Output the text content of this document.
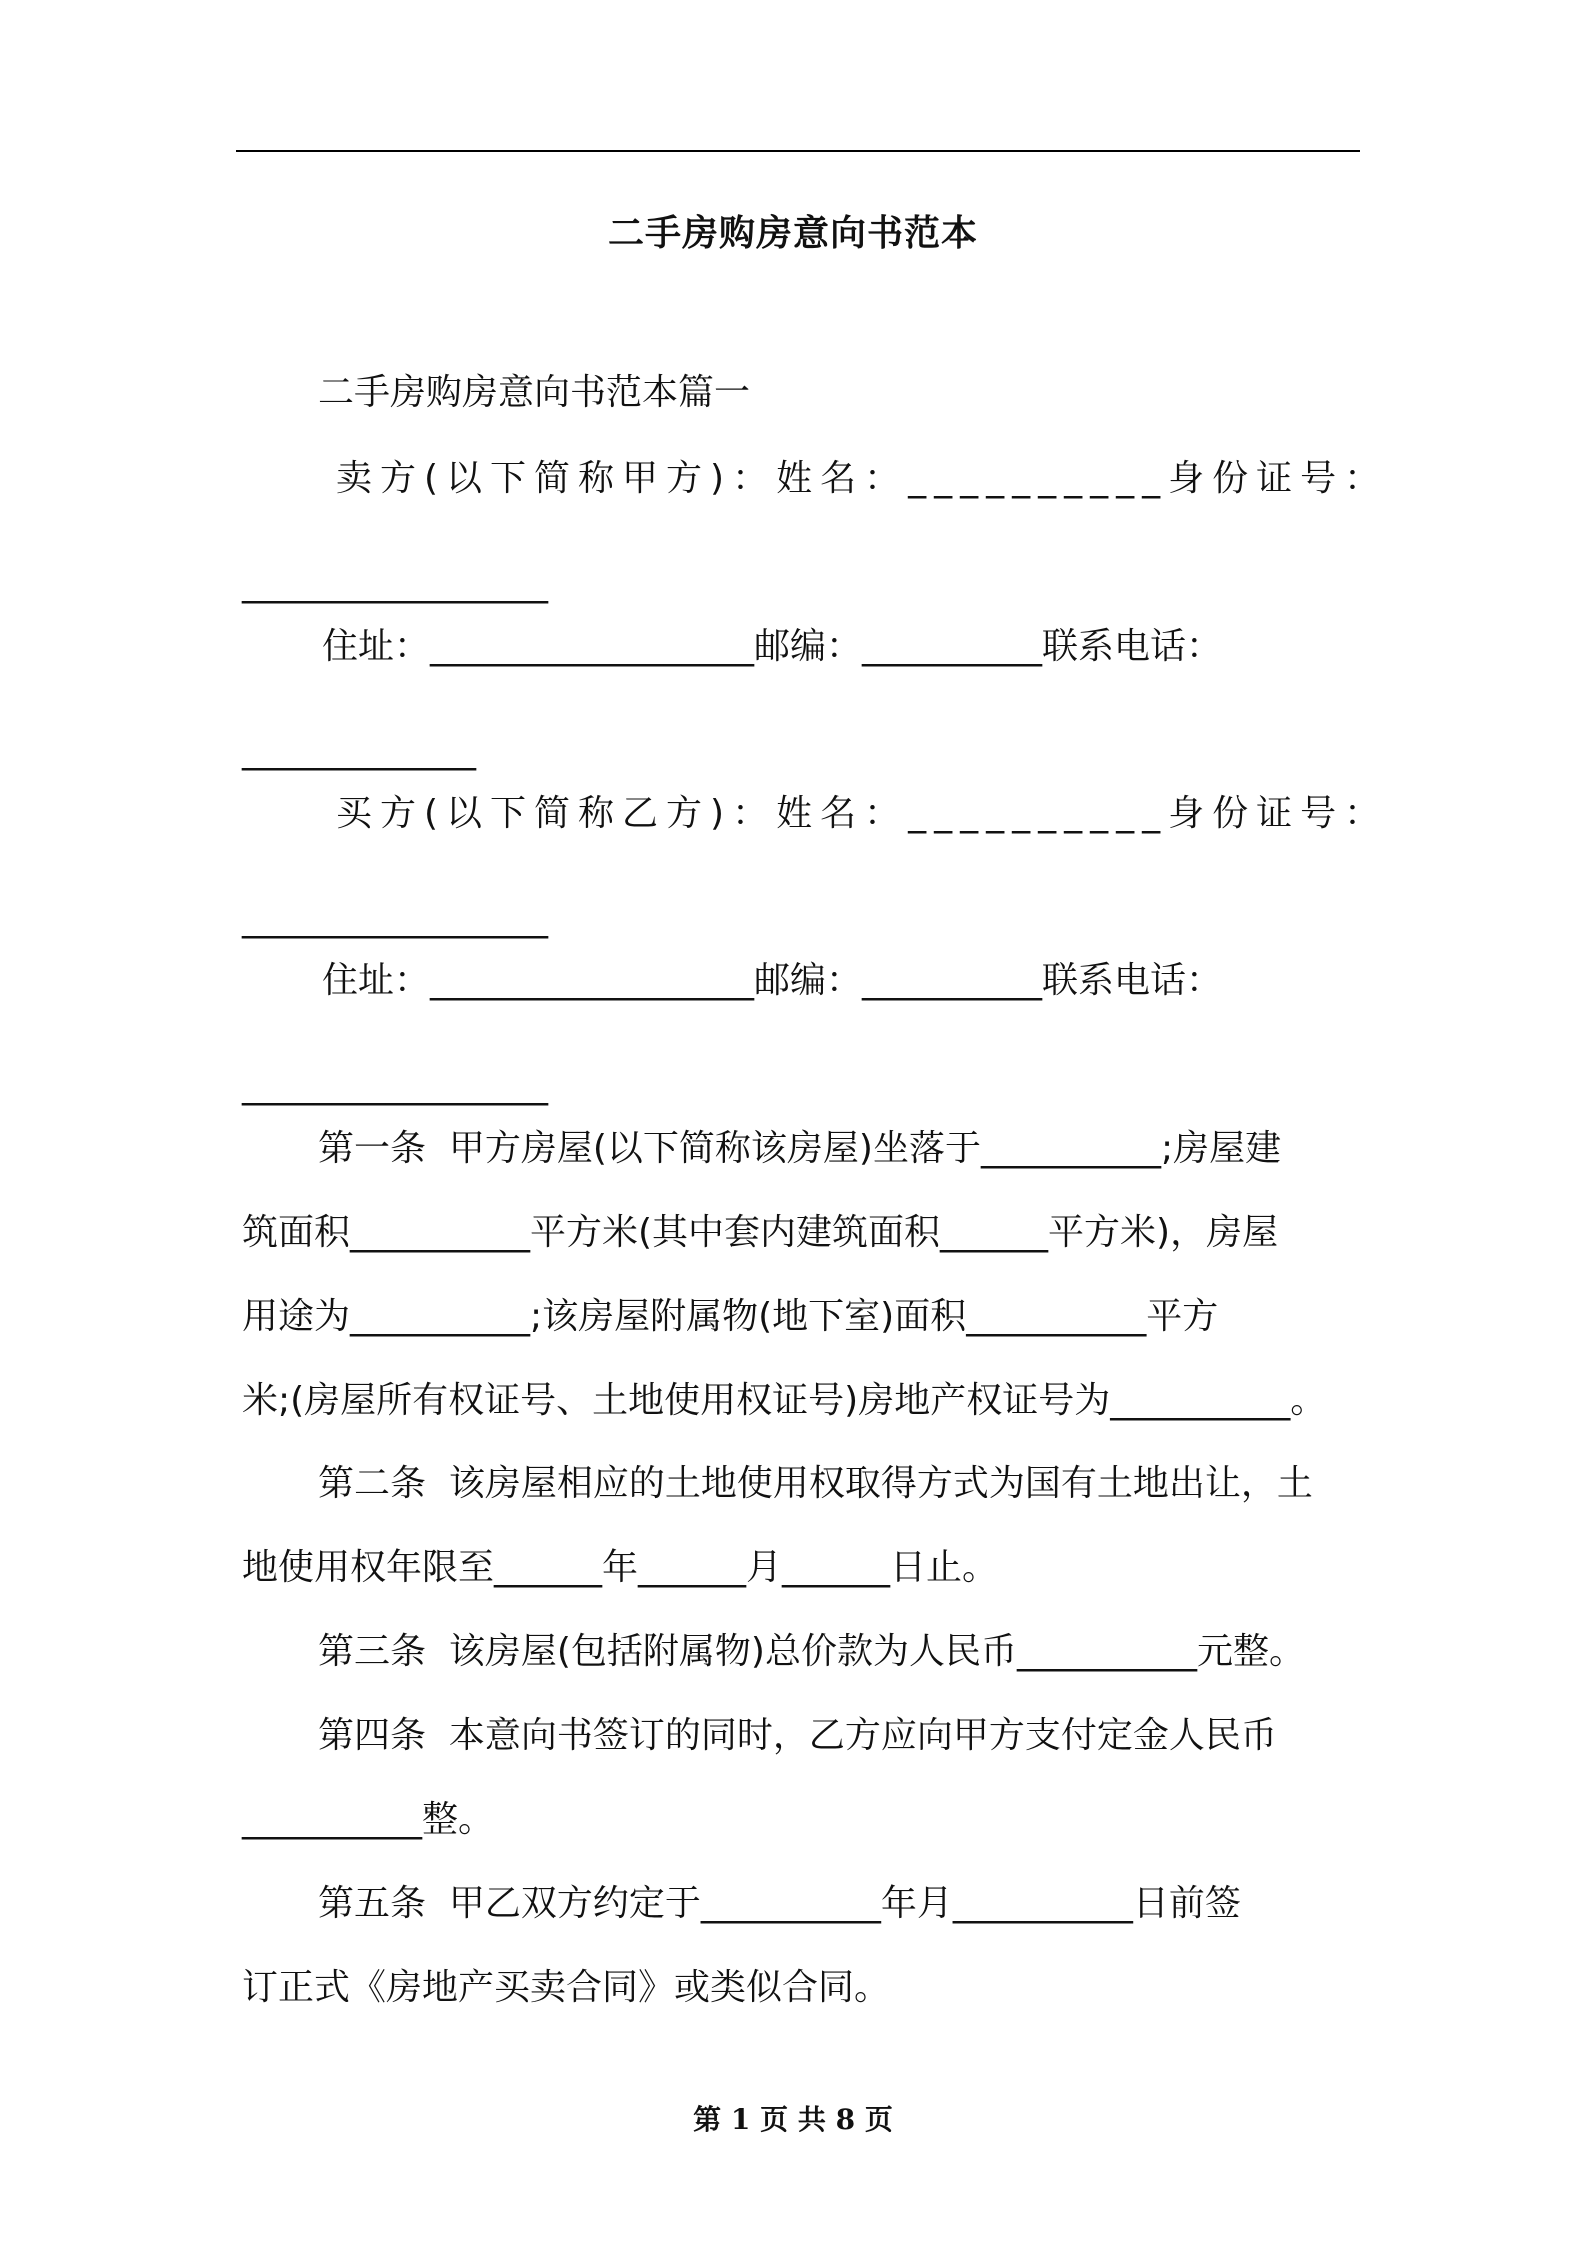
二手房购房意向书范本
二手房购房意向书范本篇一
卖方(以下简称甲方)：姓名：__________身份证号：
_________________
住址：__________________邮编：__________联系电话：
_____________
买方(以下简称乙方)：姓名：__________身份证号：
_________________
住址：__________________邮编：__________联系电话：
_________________
第一条  甲方房屋(以下简称该房屋)坐落于__________;房屋建
筑面积__________平方米(其中套内建筑面积______平方米)，房屋
用途为__________;该房屋附属物(地下室)面积__________平方
米;(房屋所有权证号、土地使用权证号)房地产权证号为__________。
第二条  该房屋相应的土地使用权取得方式为国有土地出让，土
地使用权年限至______年______月______日止。
第三条  该房屋(包括附属物)总价款为人民币__________元整。
第四条  本意向书签订的同时，乙方应向甲方支付定金人民币
__________整。
第五条  甲乙双方约定于__________年月__________日前签
订正式《房地产买卖合同》或类似合同。
第 1 页 共 8 页
